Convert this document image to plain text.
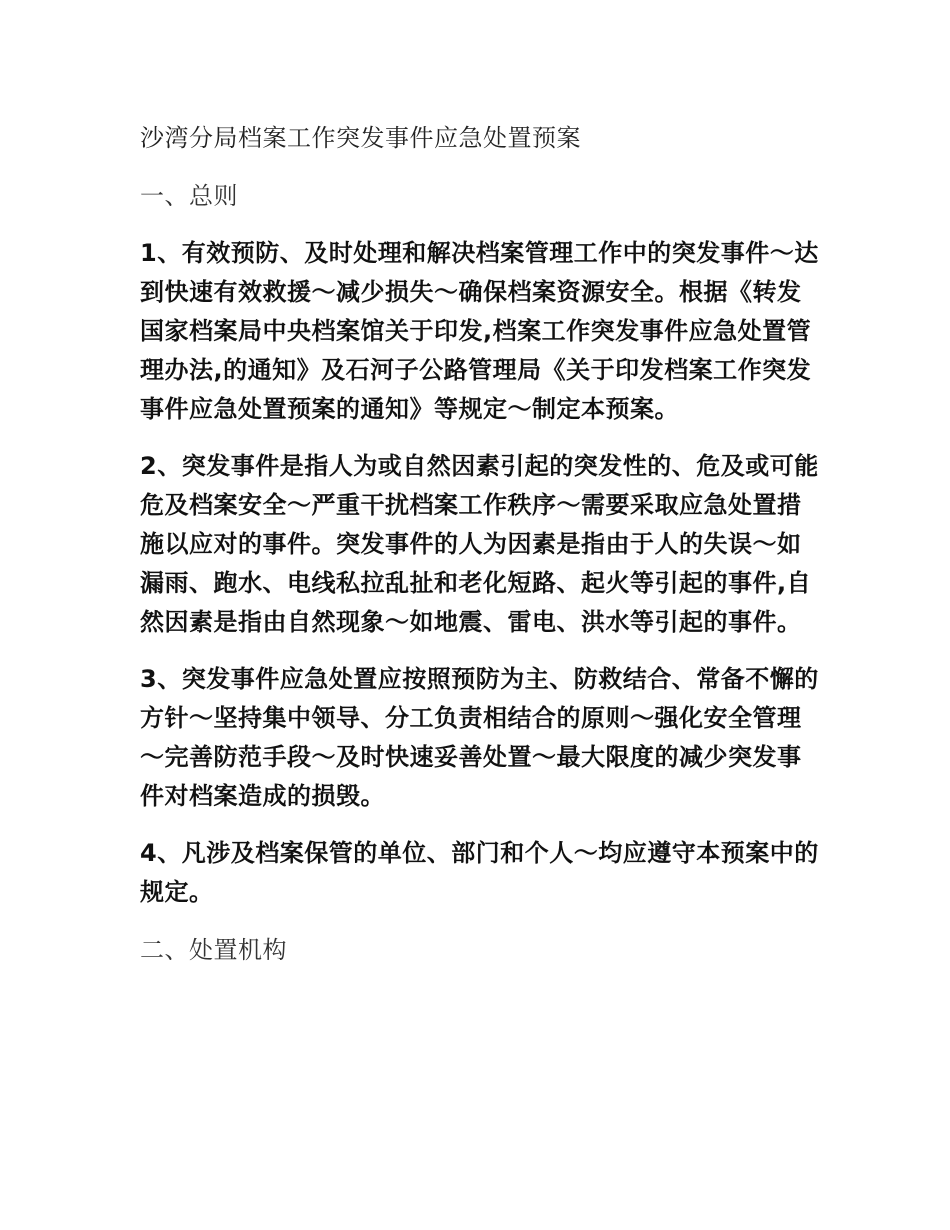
沙湾分局档案工作突发事件应急处置预案
一、总则
1、有效预防、及时处理和解决档案管理工作中的突发事件～达到快速有效救援～减少损失～确保档案资源安全。根据《转发国家档案局中央档案馆关于印发,档案工作突发事件应急处置管理办法,的通知》及石河子公路管理局《关于印发档案工作突发事件应急处置预案的通知》等规定～制定本预案。
2、突发事件是指人为或自然因素引起的突发性的、危及或可能危及档案安全～严重干扰档案工作秩序～需要采取应急处置措施以应对的事件。突发事件的人为因素是指由于人的失误～如漏雨、跑水、电线私拉乱扯和老化短路、起火等引起的事件,自然因素是指由自然现象～如地震、雷电、洪水等引起的事件。
3、突发事件应急处置应按照预防为主、防救结合、常备不懈的方针～坚持集中领导、分工负责相结合的原则～强化安全管理～完善防范手段～及时快速妥善处置～最大限度的减少突发事件对档案造成的损毁。
4、凡涉及档案保管的单位、部门和个人～均应遵守本预案中的规定。
二、处置机构
